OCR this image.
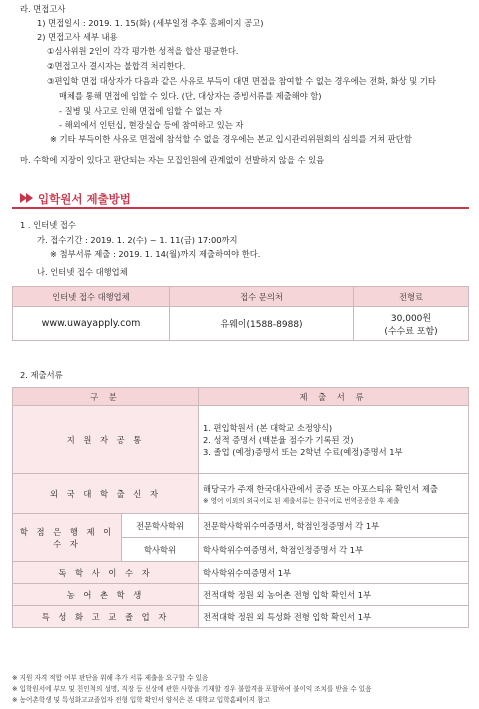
라. 면접고사
1) 면접일시 : 2019. 1. 15(화) (세부일정 추후 홈페이지 공고)
2) 면접고사 세부 내용
①심사위원 2인이 각각 평가한 성적을 합산 평균한다.
②면접고사 결시자는 불합격 처리한다.
③편입학 면접 대상자가 다음과 같은 사유로 부득이 대면 면접을 참여할 수 없는 경우에는 전화, 화상 및 기타
매체를 통해 면접에 임할 수 있다. (단, 대상자는 증빙서류를 제출해야 함)
- 질병 및 사고로 인해 면접에 임할 수 없는 자
- 해외에서 인턴십, 현장실습 등에 참여하고 있는 자
※ 기타 부득이한 사유로 면접에 참석할 수 없을 경우에는 본교 입시관리위원회의 심의를 거쳐 판단함
마. 수학에 지장이 있다고 판단되는 자는 모집인원에 관계없이 선발하지 않을 수 있음
입학원서 제출방법
1 . 인터넷 접수
가. 접수기간 : 2019. 1. 2(수) ~ 1. 11(금) 17:00까지
※ 첨부서류 제출 : 2019. 1. 14(월)까지 제출하여야 한다.
나. 인터넷 접수 대행업체
인터넷 접수 대행업체	접수 문의처	전형료
www.uwayapply.com	유웨이(1588-8988)	30,000원
(수수료 포함)
2. 제출서류
구 분		제 출 서 류
지 원 자 공 통		1. 편입학원서 (본 대학교 소정양식)
2. 성적 증명서 (백분율 점수가 기록된 것)
3. 졸업 (예정)증명서 또는 2학년 수료(예정)증명서 1부

외 국 대 학 출 신 자		해당국가 주재 한국대사관에서 공증 또는 아포스티유 확인서 제출
※ 영어 이외의 외국어로 된 제출서류는 한국어로 번역공증한 후 제출

학 점 은 행 제 이 수 자	전문학사학위	전문학사학위수여증명서, 학점인정증명서 각 1부
	학사학위	학사학위수여증명서, 학점인정증명서 각 1부
독 학 사 이 수 자		학사학위수여증명서 1부
농 어 촌 학 생		전적대학 정원 외 농어촌 전형 입학 확인서 1부
특 성 화 고 교 졸 업 자		전적대학 정원 외 특성화 전형 입학 확인서 1부
※ 지원 자격 적합 여부 판단을 위해 추가 서류 제출을 요구할 수 있음
※ 입학원서에 부모 및 친인척의 성명, 직장 등 신상에 관한 사항을 기재할 경우 불합격을 포함하여 불이익 조치를 받을 수 있음
※ 농어촌학생 및 특성화고교졸업자 전형 입학 확인서 양식은 본 대학교 입학홈페이지 참고
